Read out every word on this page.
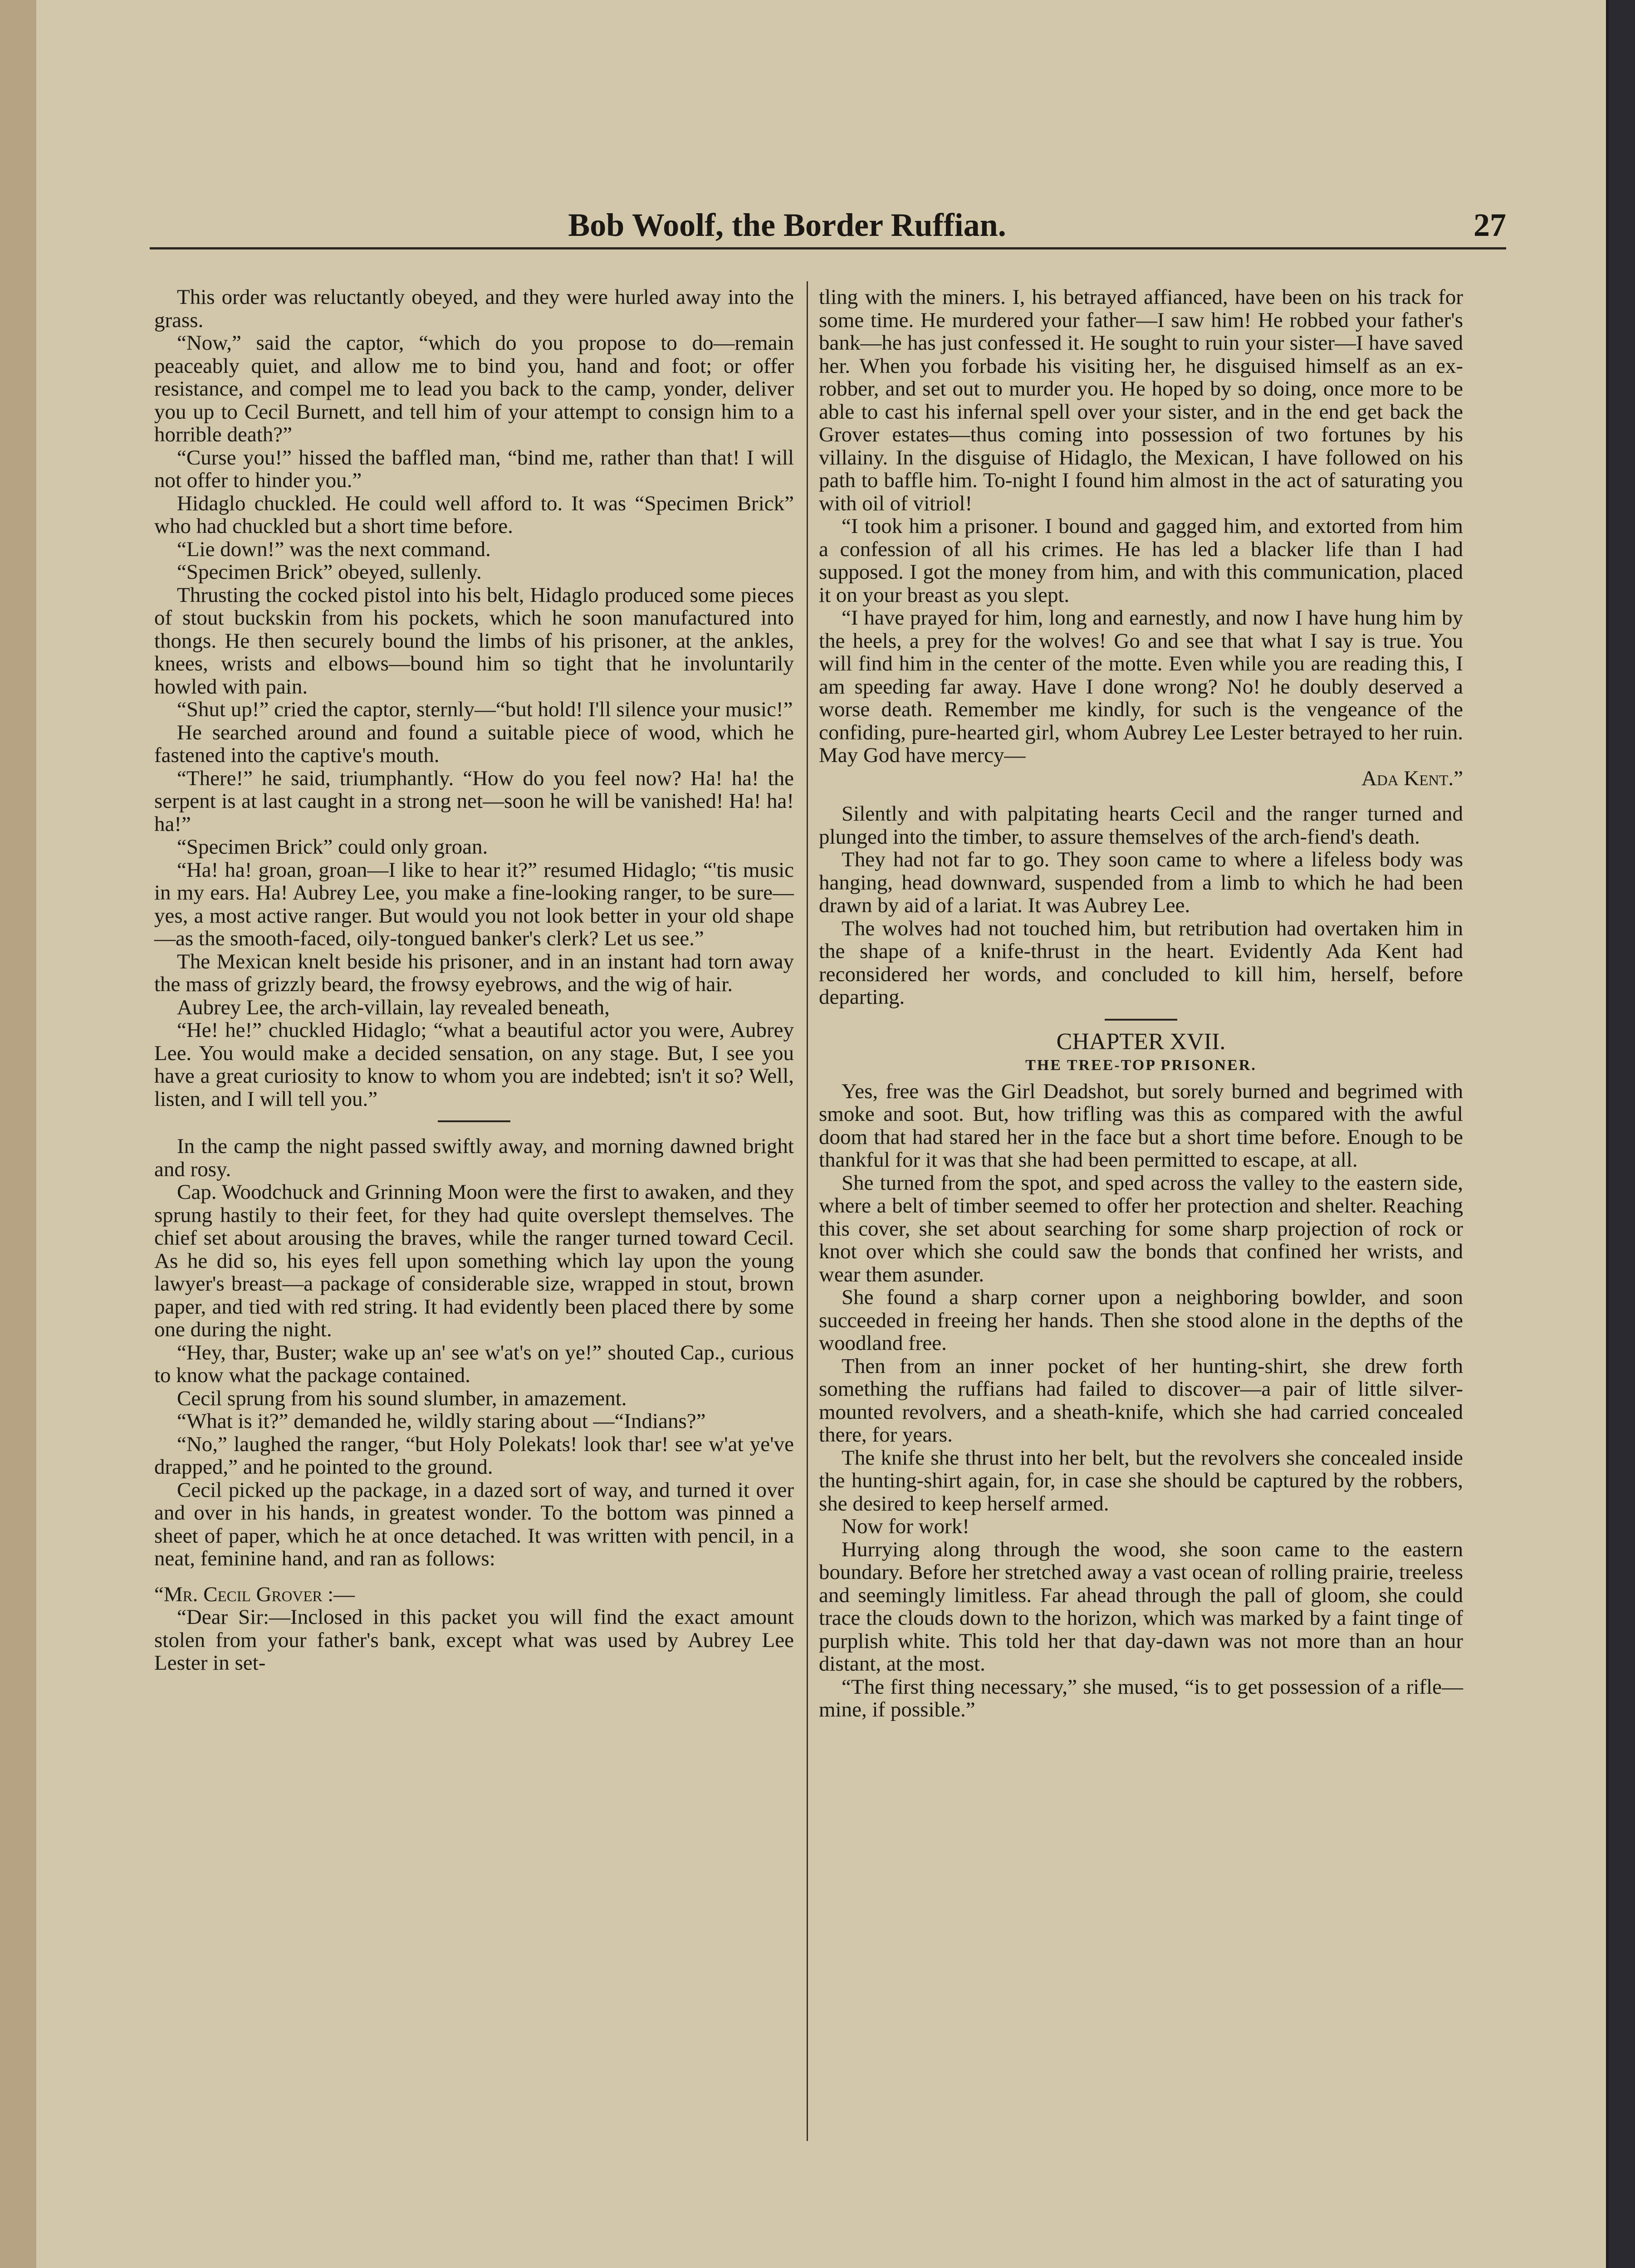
Bob Woolf, the Border Ruffian.	27

This order was reluctantly obeyed, and they were hurled away into the grass.

“Now,” said the captor, “which do you propose to do—remain peaceably quiet, and allow me to bind you, hand and foot; or offer resistance, and compel me to lead you back to the camp, yonder, deliver you up to Cecil Burnett, and tell him of your attempt to consign him to a horrible death?”

“Curse you!” hissed the baffled man, “bind me, rather than that! I will not offer to hinder you.”

Hidaglo chuckled. He could well afford to. It was “Specimen Brick” who had chuckled but a short time before.

“Lie down!” was the next command.

“Specimen Brick” obeyed, sullenly.

Thrusting the cocked pistol into his belt, Hidaglo produced some pieces of stout buckskin from his pockets, which he soon manufactured into thongs. He then securely bound the limbs of his prisoner, at the ankles, knees, wrists and elbows—bound him so tight that he involuntarily howled with pain.

“Shut up!” cried the captor, sternly—“but hold! I'll silence your music!”

He searched around and found a suitable piece of wood, which he fastened into the captive's mouth.

“There!” he said, triumphantly. “How do you feel now? Ha! ha! the serpent is at last caught in a strong net—soon he will be vanished! Ha! ha! ha!”

“Specimen Brick” could only groan.

“Ha! ha! groan, groan—I like to hear it?” resumed Hidaglo; “'tis music in my ears. Ha! Aubrey Lee, you make a fine-looking ranger, to be sure—yes, a most active ranger. But would you not look better in your old shape—as the smooth-faced, oily-tongued banker's clerk? Let us see.”

The Mexican knelt beside his prisoner, and in an instant had torn away the mass of grizzly beard, the frowsy eyebrows, and the wig of hair.

Aubrey Lee, the arch-villain, lay revealed beneath,

“He! he!” chuckled Hidaglo; “what a beautiful actor you were, Aubrey Lee. You would make a decided sensation, on any stage. But, I see you have a great curiosity to know to whom you are indebted; isn't it so? Well, listen, and I will tell you.”

In the camp the night passed swiftly away, and morning dawned bright and rosy.

Cap. Woodchuck and Grinning Moon were the first to awaken, and they sprung hastily to their feet, for they had quite overslept themselves. The chief set about arousing the braves, while the ranger turned toward Cecil. As he did so, his eyes fell upon something which lay upon the young lawyer's breast—a package of considerable size, wrapped in stout, brown paper, and tied with red string. It had evidently been placed there by some one during the night.

“Hey, thar, Buster; wake up an' see w'at's on ye!” shouted Cap., curious to know what the package contained.

Cecil sprung from his sound slumber, in amazement.

“What is it?” demanded he, wildly staring about —“Indians?”

“No,” laughed the ranger, “but Holy Polekats! look thar! see w'at ye've drapped,” and he pointed to the ground.

Cecil picked up the package, in a dazed sort of way, and turned it over and over in his hands, in greatest wonder. To the bottom was pinned a sheet of paper, which he at once detached. It was written with pencil, in a neat, feminine hand, and ran as follows:

“Mr. Cecil Grover :—

“Dear Sir:—Inclosed in this packet you will find the exact amount stolen from your father's bank, except what was used by Aubrey Lee Lester in set-

tling with the miners. I, his betrayed affianced, have been on his track for some time. He murdered your father—I saw him! He robbed your father's bank—he has just confessed it. He sought to ruin your sister—I have saved her. When you forbade his visiting her, he disguised himself as an ex-robber, and set out to murder you. He hoped by so doing, once more to be able to cast his infernal spell over your sister, and in the end get back the Grover estates—thus coming into possession of two fortunes by his villainy. In the disguise of Hidaglo, the Mexican, I have followed on his path to baffle him. To-night I found him almost in the act of saturating you with oil of vitriol!

“I took him a prisoner. I bound and gagged him, and extorted from him a confession of all his crimes. He has led a blacker life than I had supposed. I got the money from him, and with this communication, placed it on your breast as you slept.

“I have prayed for him, long and earnestly, and now I have hung him by the heels, a prey for the wolves! Go and see that what I say is true. You will find him in the center of the motte. Even while you are reading this, I am speeding far away. Have I done wrong? No! he doubly deserved a worse death. Remember me kindly, for such is the vengeance of the confiding, pure-hearted girl, whom Aubrey Lee Lester betrayed to her ruin. May God have mercy—

Ada Kent.”

Silently and with palpitating hearts Cecil and the ranger turned and plunged into the timber, to assure themselves of the arch-fiend's death.

They had not far to go. They soon came to where a lifeless body was hanging, head downward, suspended from a limb to which he had been drawn by aid of a lariat. It was Aubrey Lee.

The wolves had not touched him, but retribution had overtaken him in the shape of a knife-thrust in the heart. Evidently Ada Kent had reconsidered her words, and concluded to kill him, herself, before departing.

CHAPTER XVII.
THE TREE-TOP PRISONER.

Yes, free was the Girl Deadshot, but sorely burned and begrimed with smoke and soot. But, how trifling was this as compared with the awful doom that had stared her in the face but a short time before. Enough to be thankful for it was that she had been permitted to escape, at all.

She turned from the spot, and sped across the valley to the eastern side, where a belt of timber seemed to offer her protection and shelter. Reaching this cover, she set about searching for some sharp projection of rock or knot over which she could saw the bonds that confined her wrists, and wear them asunder.

She found a sharp corner upon a neighboring bowlder, and soon succeeded in freeing her hands. Then she stood alone in the depths of the woodland free.

Then from an inner pocket of her hunting-shirt, she drew forth something the ruffians had failed to discover—a pair of little silver-mounted revolvers, and a sheath-knife, which she had carried concealed there, for years.

The knife she thrust into her belt, but the revolvers she concealed inside the hunting-shirt again, for, in case she should be captured by the robbers, she desired to keep herself armed.

Now for work!

Hurrying along through the wood, she soon came to the eastern boundary. Before her stretched away a vast ocean of rolling prairie, treeless and seemingly limitless. Far ahead through the pall of gloom, she could trace the clouds down to the horizon, which was marked by a faint tinge of purplish white. This told her that day-dawn was not more than an hour distant, at the most.

“The first thing necessary,” she mused, “is to get possession of a rifle—mine, if possible.”
